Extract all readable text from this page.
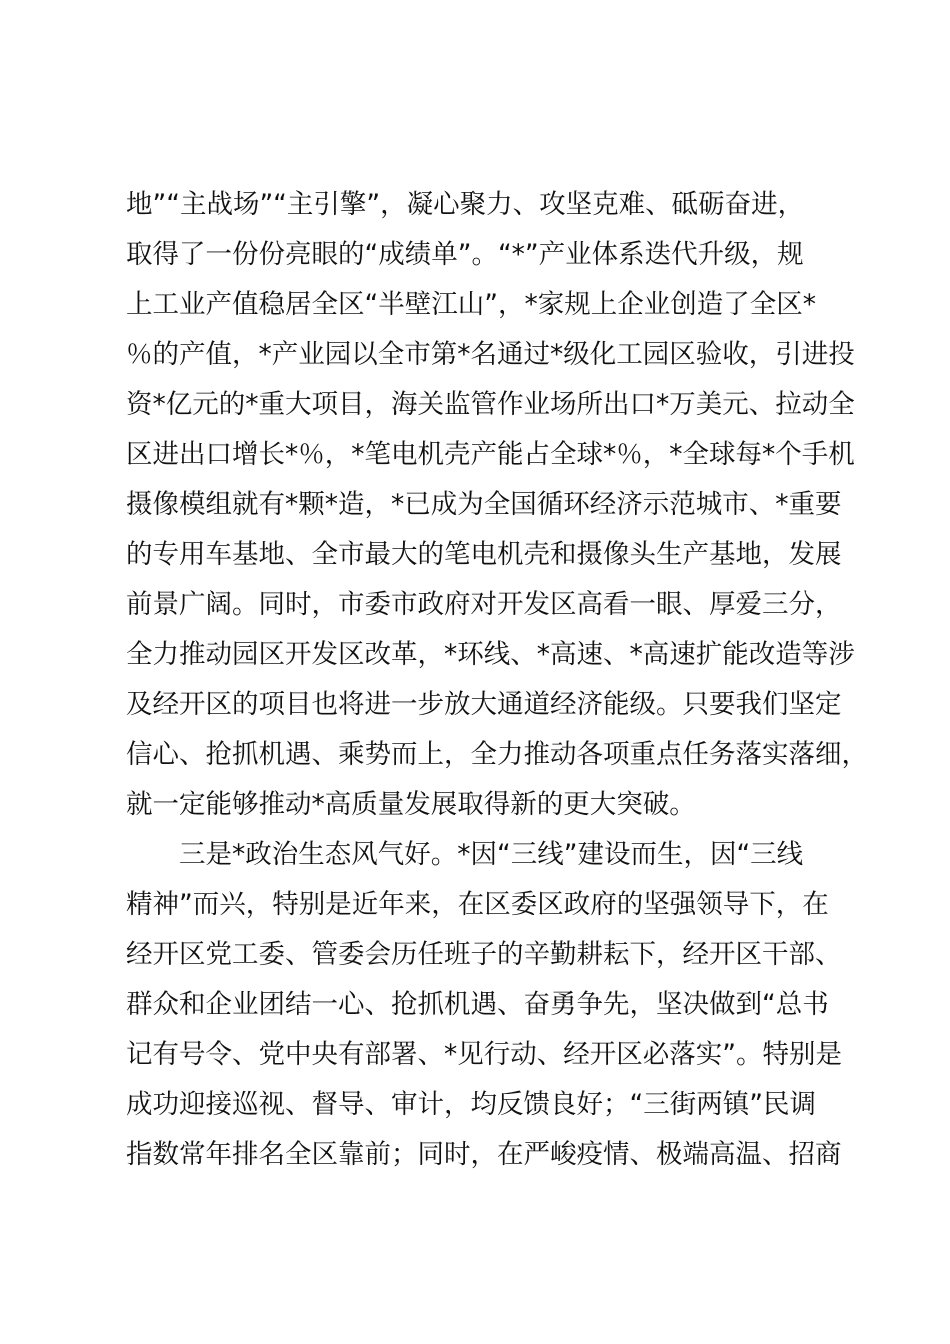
地”“主战场”“主引擎”，凝心聚力、攻坚克难、砥砺奋进，
取得了一份份亮眼的“成绩单”。“*”产业体系迭代升级，规
上工业产值稳居全区“半壁江山”，*家规上企业创造了全区*
％的产值，*产业园以全市第*名通过*级化工园区验收，引进投
资*亿元的*重大项目，海关监管作业场所出口*万美元、拉动全
区进出口增长*％，*笔电机壳产能占全球*％，*全球每*个手机
摄像模组就有*颗*造，*已成为全国循环经济示范城市、*重要
的专用车基地、全市最大的笔电机壳和摄像头生产基地，发展
前景广阔。同时，市委市政府对开发区高看一眼、厚爱三分，
全力推动园区开发区改革，*环线、*高速、*高速扩能改造等涉
及经开区的项目也将进一步放大通道经济能级。只要我们坚定
信心、抢抓机遇、乘势而上，全力推动各项重点任务落实落细，
就一定能够推动*高质量发展取得新的更大突破。
三是*政治生态风气好。*因“三线”建设而生，因“三线
精神”而兴，特别是近年来，在区委区政府的坚强领导下，在
经开区党工委、管委会历任班子的辛勤耕耘下，经开区干部、
群众和企业团结一心、抢抓机遇、奋勇争先，坚决做到“总书
记有号令、党中央有部署、*见行动、经开区必落实”。特别是
成功迎接巡视、督导、审计，均反馈良好；“三街两镇”民调
指数常年排名全区靠前；同时，在严峻疫情、极端高温、招商
